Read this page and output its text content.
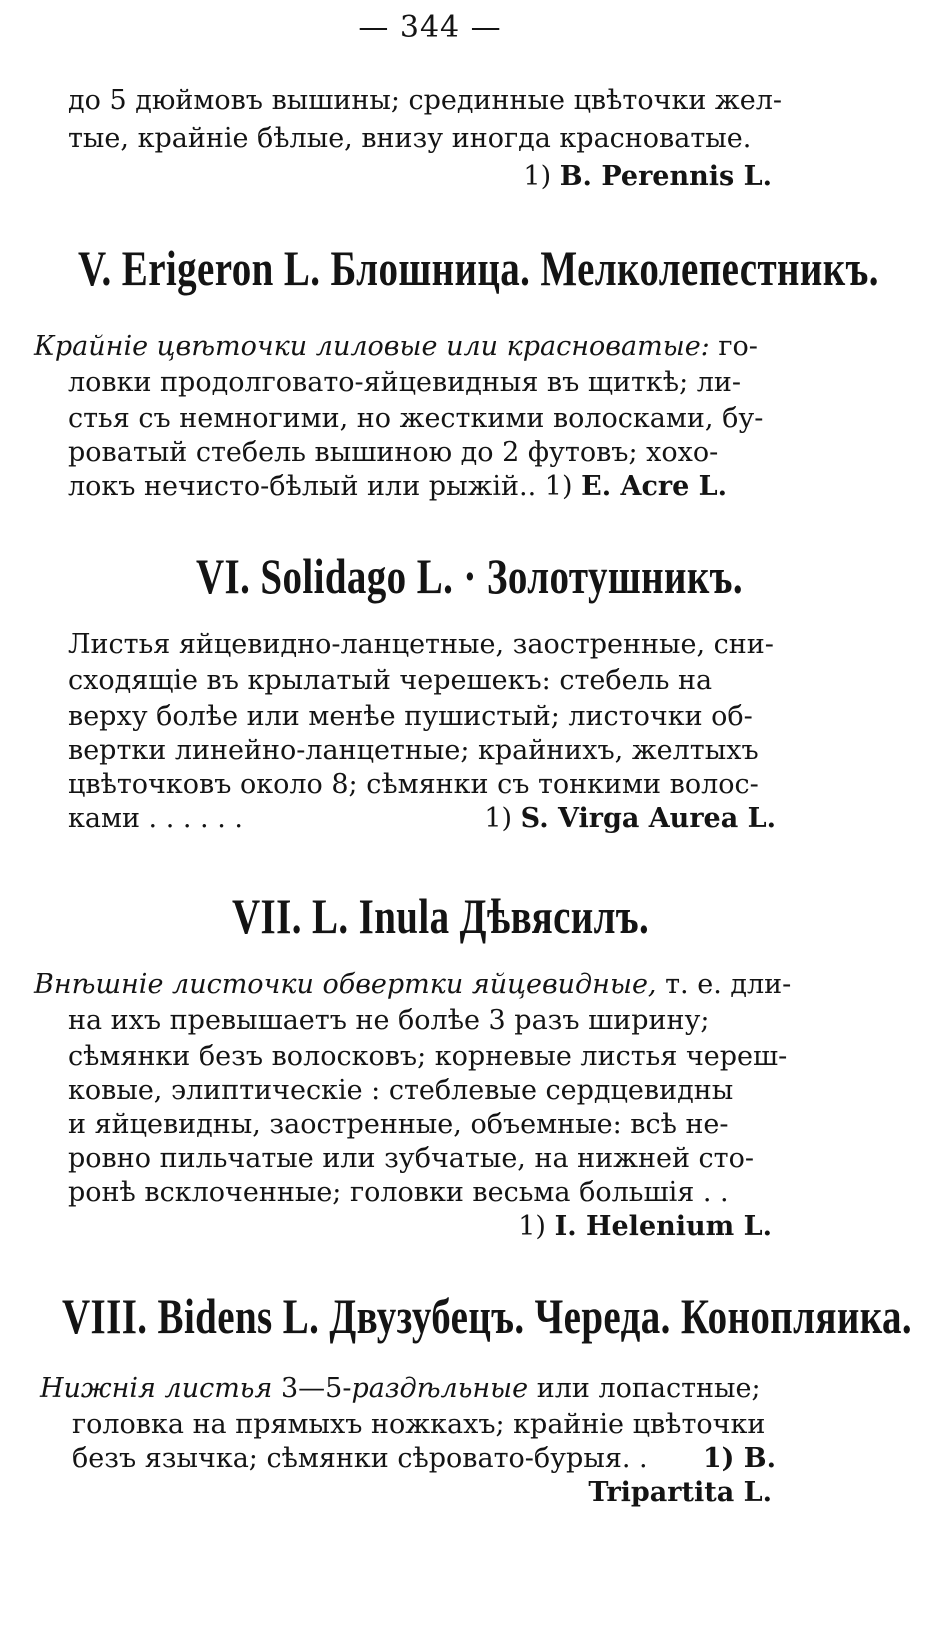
— 344 —
до 5 дюймовъ вышины; срединные цвѣточки жел-
тые, крайніе бѣлые, внизу иногда красноватые.
1) B. Perennis L.
V. Erigeron L. Блошница. Мелколепестникъ.
Крайніе цвѣточки лиловые или красноватые: го-
ловки продолговато-яйцевидныя въ щиткѣ; ли-
стья съ немногими, но жесткими волосками, бу-
роватый стебель вышиною до 2 футовъ; хохо-
локъ нечисто-бѣлый или рыжій.. 1) E. Acre L.
VI. Solidago L. · Золотушникъ.
Листья яйцевидно-ланцетные, заостренные, сни-
сходящіе въ крылатый черешекъ: стебель на
верху болѣе или менѣе пушистый; листочки об-
вертки линейно-ланцетные; крайнихъ, желтыхъ
цвѣточковъ около 8; сѣмянки съ тонкими волос-
ками . . . . . .	1) S. Virga Aurea L.
VII. L. Inula Дѣвясилъ.
Внѣшніе листочки обвертки яйцевидные, т. е. дли-
на ихъ превышаетъ не болѣе 3 разъ ширину;
сѣмянки безъ волосковъ; корневые листья череш-
ковые, элиптическіе : стеблевые сердцевидны
и яйцевидны, заостренные, объемные: всѣ не-
ровно пильчатые или зубчатые, на нижней сто-
ронѣ всклоченные; головки весьма большія . .
1) I. Helenium L.
VIII. Bidens L. Двузубецъ. Череда. Конопляика.
Нижнія листья 3—5-раздѣльные или лопастные;
головка на прямыхъ ножкахъ; крайніе цвѣточки
безъ язычка; сѣмянки сѣровато-бурыя. . 1) B.
Tripartita L.
